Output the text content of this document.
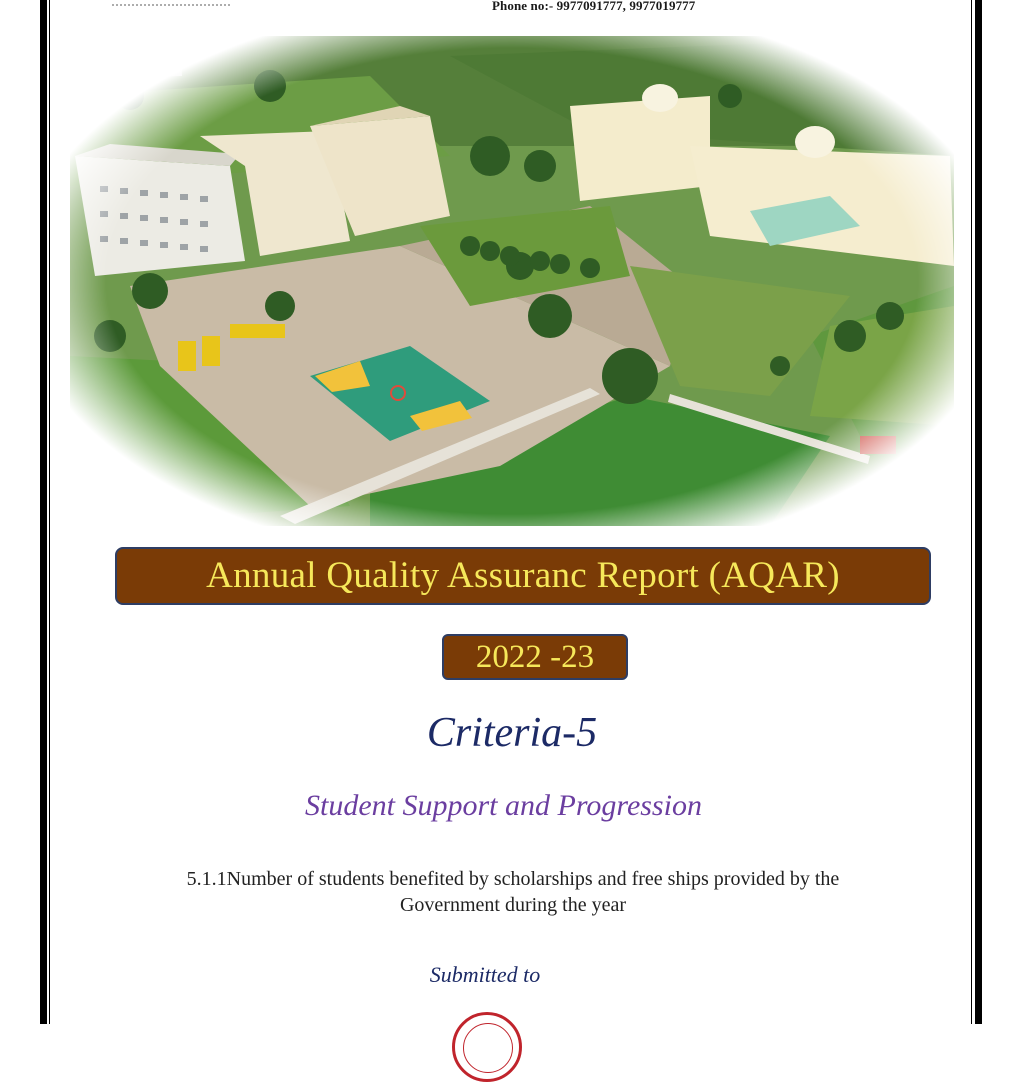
Phone no:- 9977091777, 9977019777
Annual Quality Assuranc Report (AQAR)
2022 -23
Criteria-5
Student Support and Progression
5.1.1Number of students benefited by scholarships and free ships provided by the
Government during the year
Submitted to
